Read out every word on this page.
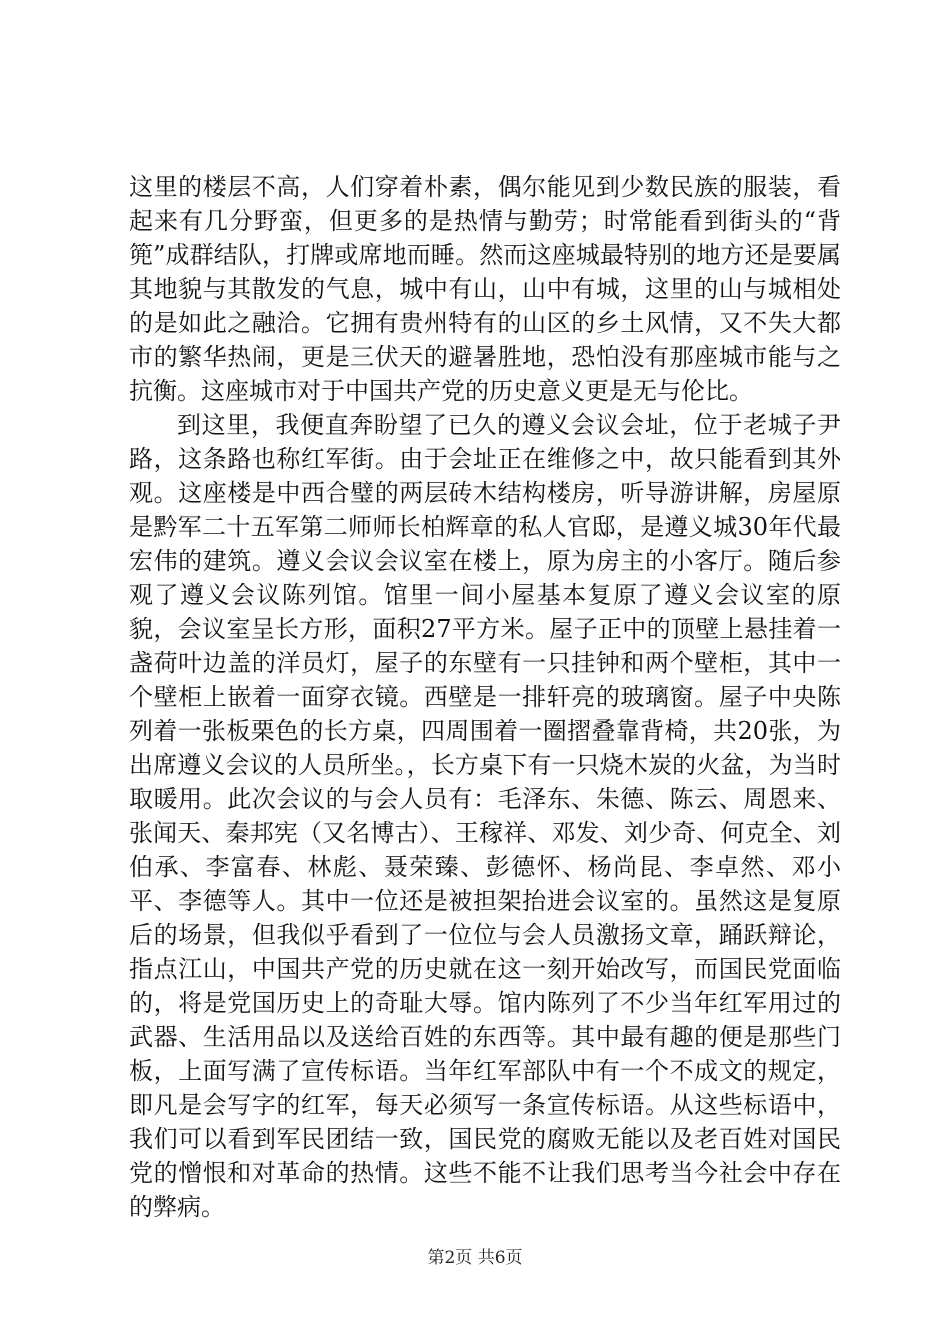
这里的楼层不高，人们穿着朴素，偶尔能见到少数民族的服装，看起来有几分野蛮，但更多的是热情与勤劳；时常能看到街头的“背篼”成群结队，打牌或席地而睡。然而这座城最特别的地方还是要属其地貌与其散发的气息，城中有山，山中有城，这里的山与城相处的是如此之融洽。它拥有贵州特有的山区的乡土风情，又不失大都市的繁华热闹，更是三伏天的避暑胜地，恐怕没有那座城市能与之抗衡。这座城市对于中国共产党的历史意义更是无与伦比。

到这里，我便直奔盼望了已久的遵义会议会址，位于老城子尹路，这条路也称红军街。由于会址正在维修之中，故只能看到其外观。这座楼是中西合璧的两层砖木结构楼房，听导游讲解，房屋原是黔军二十五军第二师师长柏辉章的私人官邸，是遵义城30年代最宏伟的建筑。遵义会议会议室在楼上，原为房主的小客厅。随后参观了遵义会议陈列馆。馆里一间小屋基本复原了遵义会议室的原貌，会议室呈长方形，面积27平方米。屋子正中的顶壁上悬挂着一盏荷叶边盖的洋员灯，屋子的东壁有一只挂钟和两个壁柜，其中一个壁柜上嵌着一面穿衣镜。西壁是一排轩亮的玻璃窗。屋子中央陈列着一张板栗色的长方桌，四周围着一圈摺叠靠背椅，共20张，为出席遵义会议的人员所坐。，长方桌下有一只烧木炭的火盆，为当时取暖用。此次会议的与会人员有：毛泽东、朱德、陈云、周恩来、张闻天、秦邦宪（又名博古）、王稼祥、邓发、刘少奇、何克全、刘伯承、李富春、林彪、聂荣臻、彭德怀、杨尚昆、李卓然、邓小平、李德等人。其中一位还是被担架抬进会议室的。虽然这是复原后的场景，但我似乎看到了一位位与会人员激扬文章，踊跃辩论，指点江山，中国共产党的历史就在这一刻开始改写，而国民党面临的，将是党国历史上的奇耻大辱。馆内陈列了不少当年红军用过的武器、生活用品以及送给百姓的东西等。其中最有趣的便是那些门板，上面写满了宣传标语。当年红军部队中有一个不成文的规定，即凡是会写字的红军，每天必须写一条宣传标语。从这些标语中，我们可以看到军民团结一致，国民党的腐败无能以及老百姓对国民党的憎恨和对革命的热情。这些不能不让我们思考当今社会中存在的弊病。

第2页 共6页
